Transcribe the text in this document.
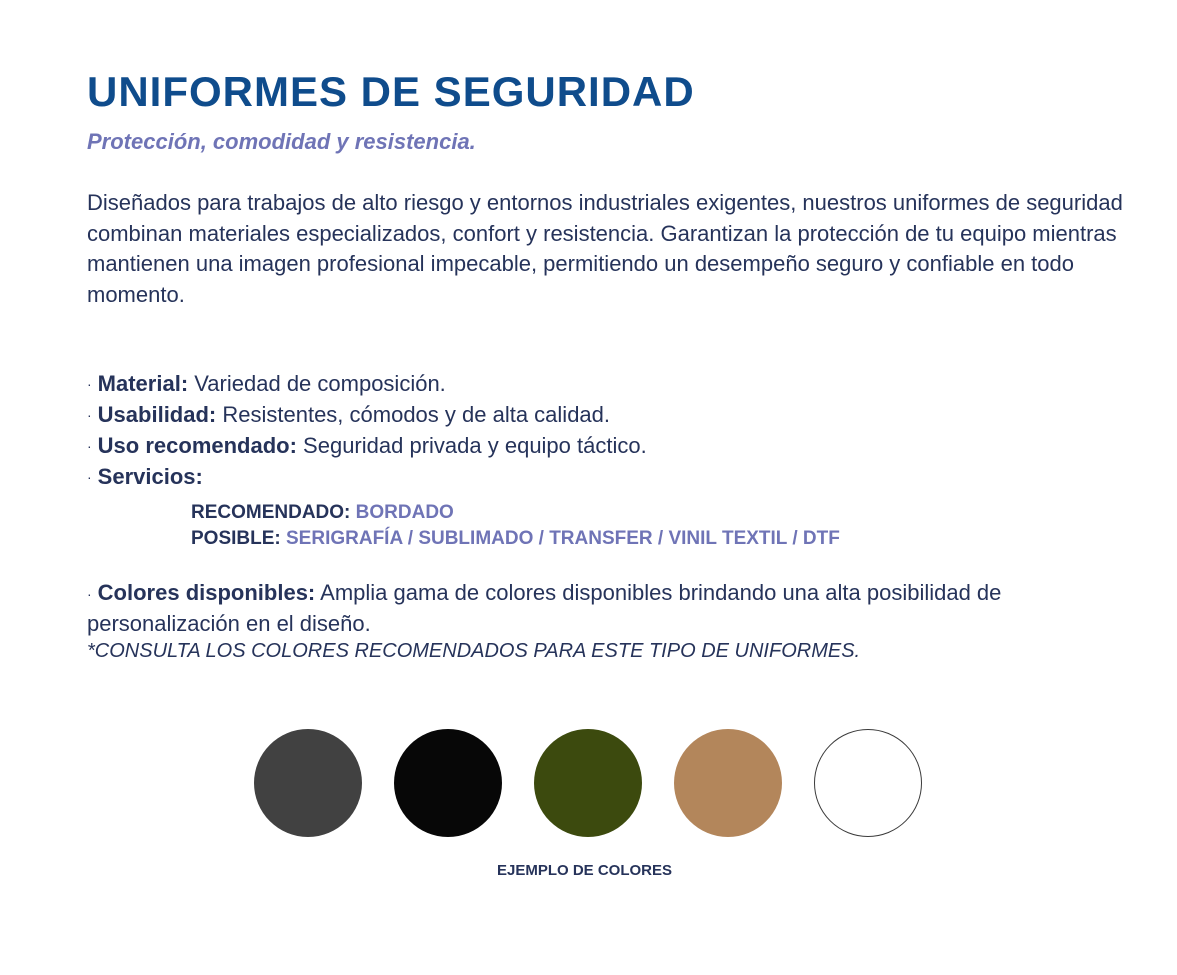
UNIFORMES DE SEGURIDAD
Protección, comodidad y resistencia.

Diseñados para trabajos de alto riesgo y entornos industriales exigentes, nuestros uniformes de seguridad combinan materiales especializados, confort y resistencia. Garantizan la protección de tu equipo mientras mantienen una imagen profesional impecable, permitiendo un desempeño seguro y confiable en todo momento.

· Material: Variedad de composición.
· Usabilidad: Resistentes, cómodos y de alta calidad.
· Uso recomendado: Seguridad privada y equipo táctico.
· Servicios:
RECOMENDADO: BORDADO
POSIBLE: SERIGRAFÍA / SUBLIMADO / TRANSFER / VINIL TEXTIL / DTF

· Colores disponibles: Amplia gama de colores disponibles brindando una alta posibilidad de personalización en el diseño.

*CONSULTA LOS COLORES RECOMENDADOS PARA ESTE TIPO DE UNIFORMES.
EJEMPLO DE COLORES
